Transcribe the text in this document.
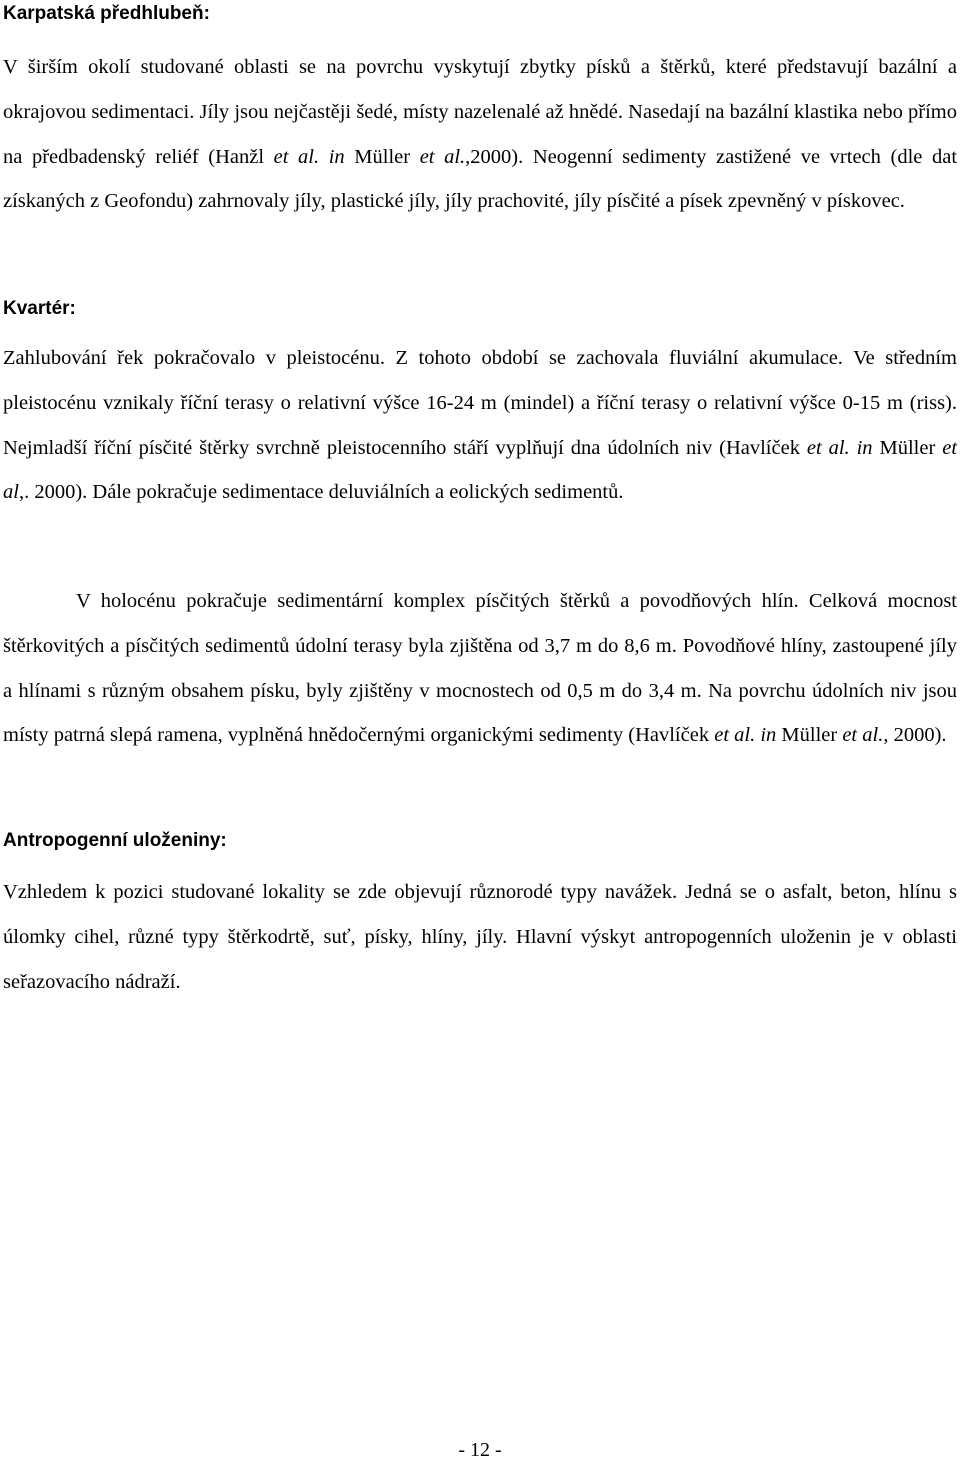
Karpatská předhlubeň:

V širším okolí studované oblasti se na povrchu vyskytují zbytky písků a štěrků, které představují bazální a okrajovou sedimentaci. Jíly jsou nejčastěji šedé, místy nazelenalé až hnědé. Nasedají na bazální klastika nebo přímo na předbadenský reliéf (Hanžl et al. in Müller et al.,2000). Neogenní sedimenty zastižené ve vrtech (dle dat získaných z Geofondu) zahrnovaly jíly, plastické jíly, jíly prachovité, jíly písčité a písek zpevněný v pískovec.

Kvartér:

Zahlubování řek pokračovalo v pleistocénu. Z tohoto období se zachovala fluviální akumulace. Ve středním pleistocénu vznikaly říční terasy o relativní výšce 16-24 m (mindel) a říční terasy o relativní výšce 0-15 m (riss). Nejmladší říční písčité štěrky svrchně pleistocenního stáří vyplňují dna údolních niv (Havlíček et al. in Müller et al,. 2000). Dále pokračuje sedimentace deluviálních a eolických sedimentů.

V holocénu pokračuje sedimentární komplex písčitých štěrků a povodňových hlín. Celková mocnost štěrkovitých a písčitých sedimentů údolní terasy byla zjištěna od 3,7 m do 8,6 m. Povodňové hlíny, zastoupené jíly a hlínami s různým obsahem písku, byly zjištěny v mocnostech od 0,5 m do 3,4 m. Na povrchu údolních niv jsou místy patrná slepá ramena, vyplněná hnědočernými organickými sedimenty (Havlíček et al. in Müller et al., 2000).

Antropogenní uloženiny:

Vzhledem k pozici studované lokality se zde objevují různorodé typy navážek. Jedná se o asfalt, beton, hlínu s úlomky cihel, různé typy štěrkodrtě, suť, písky, hlíny, jíly. Hlavní výskyt antropogenních uloženin je v oblasti seřazovacího nádraží.

- 12 -
